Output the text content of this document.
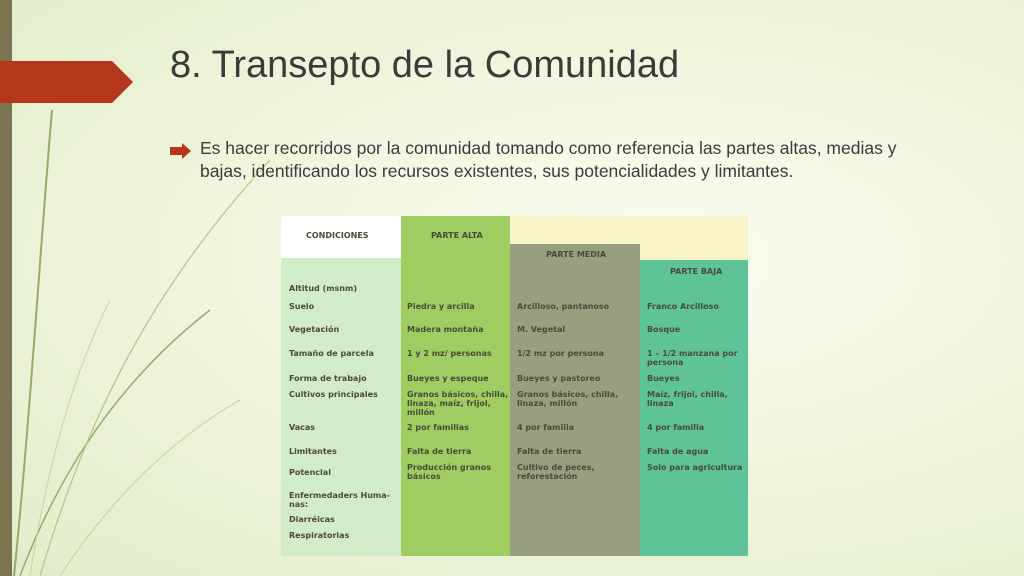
8. Transepto de la Comunidad
Es hacer recorridos por la comunidad tomando como referencia las partes altas, medias y bajas, identificando los recursos existentes, sus potencialidades y limitantes.
CONDICIONES	PARTE ALTA
PARTE MEDIA
PARTE BAJA
Altitud (msnm)
Suelo
Vegetación
Tamaño de parcela
Forma de trabajo
Cultivos principales
Vacas
Limitantes
Potencial
Enfermedaders Huma-
nas:
Diarréicas
Respiratorias
Piedra y arcilla
Madera montaña
1 y 2 mz/ personas
Bueyes y espeque
Granos básicos, chilla,
linaza, maíz, frijol,
millón
2 por familias
Falta de tierra
Producción granos
básicos
Arcilloso, pantanoso
M. Vegetal
1/2 mz por persona
Bueyes y pastoreo
Granos básicos, chilla,
linaza, millón
4 por familia
Falta de tierra
Cultivo de peces,
reforestación
Franco Arcilloso
Bosque
1 – 1/2 manzana por
persona
Bueyes
Maíz, frijol, chilla,
linaza
4 por familia
Falta de agua
Solo para agricultura
